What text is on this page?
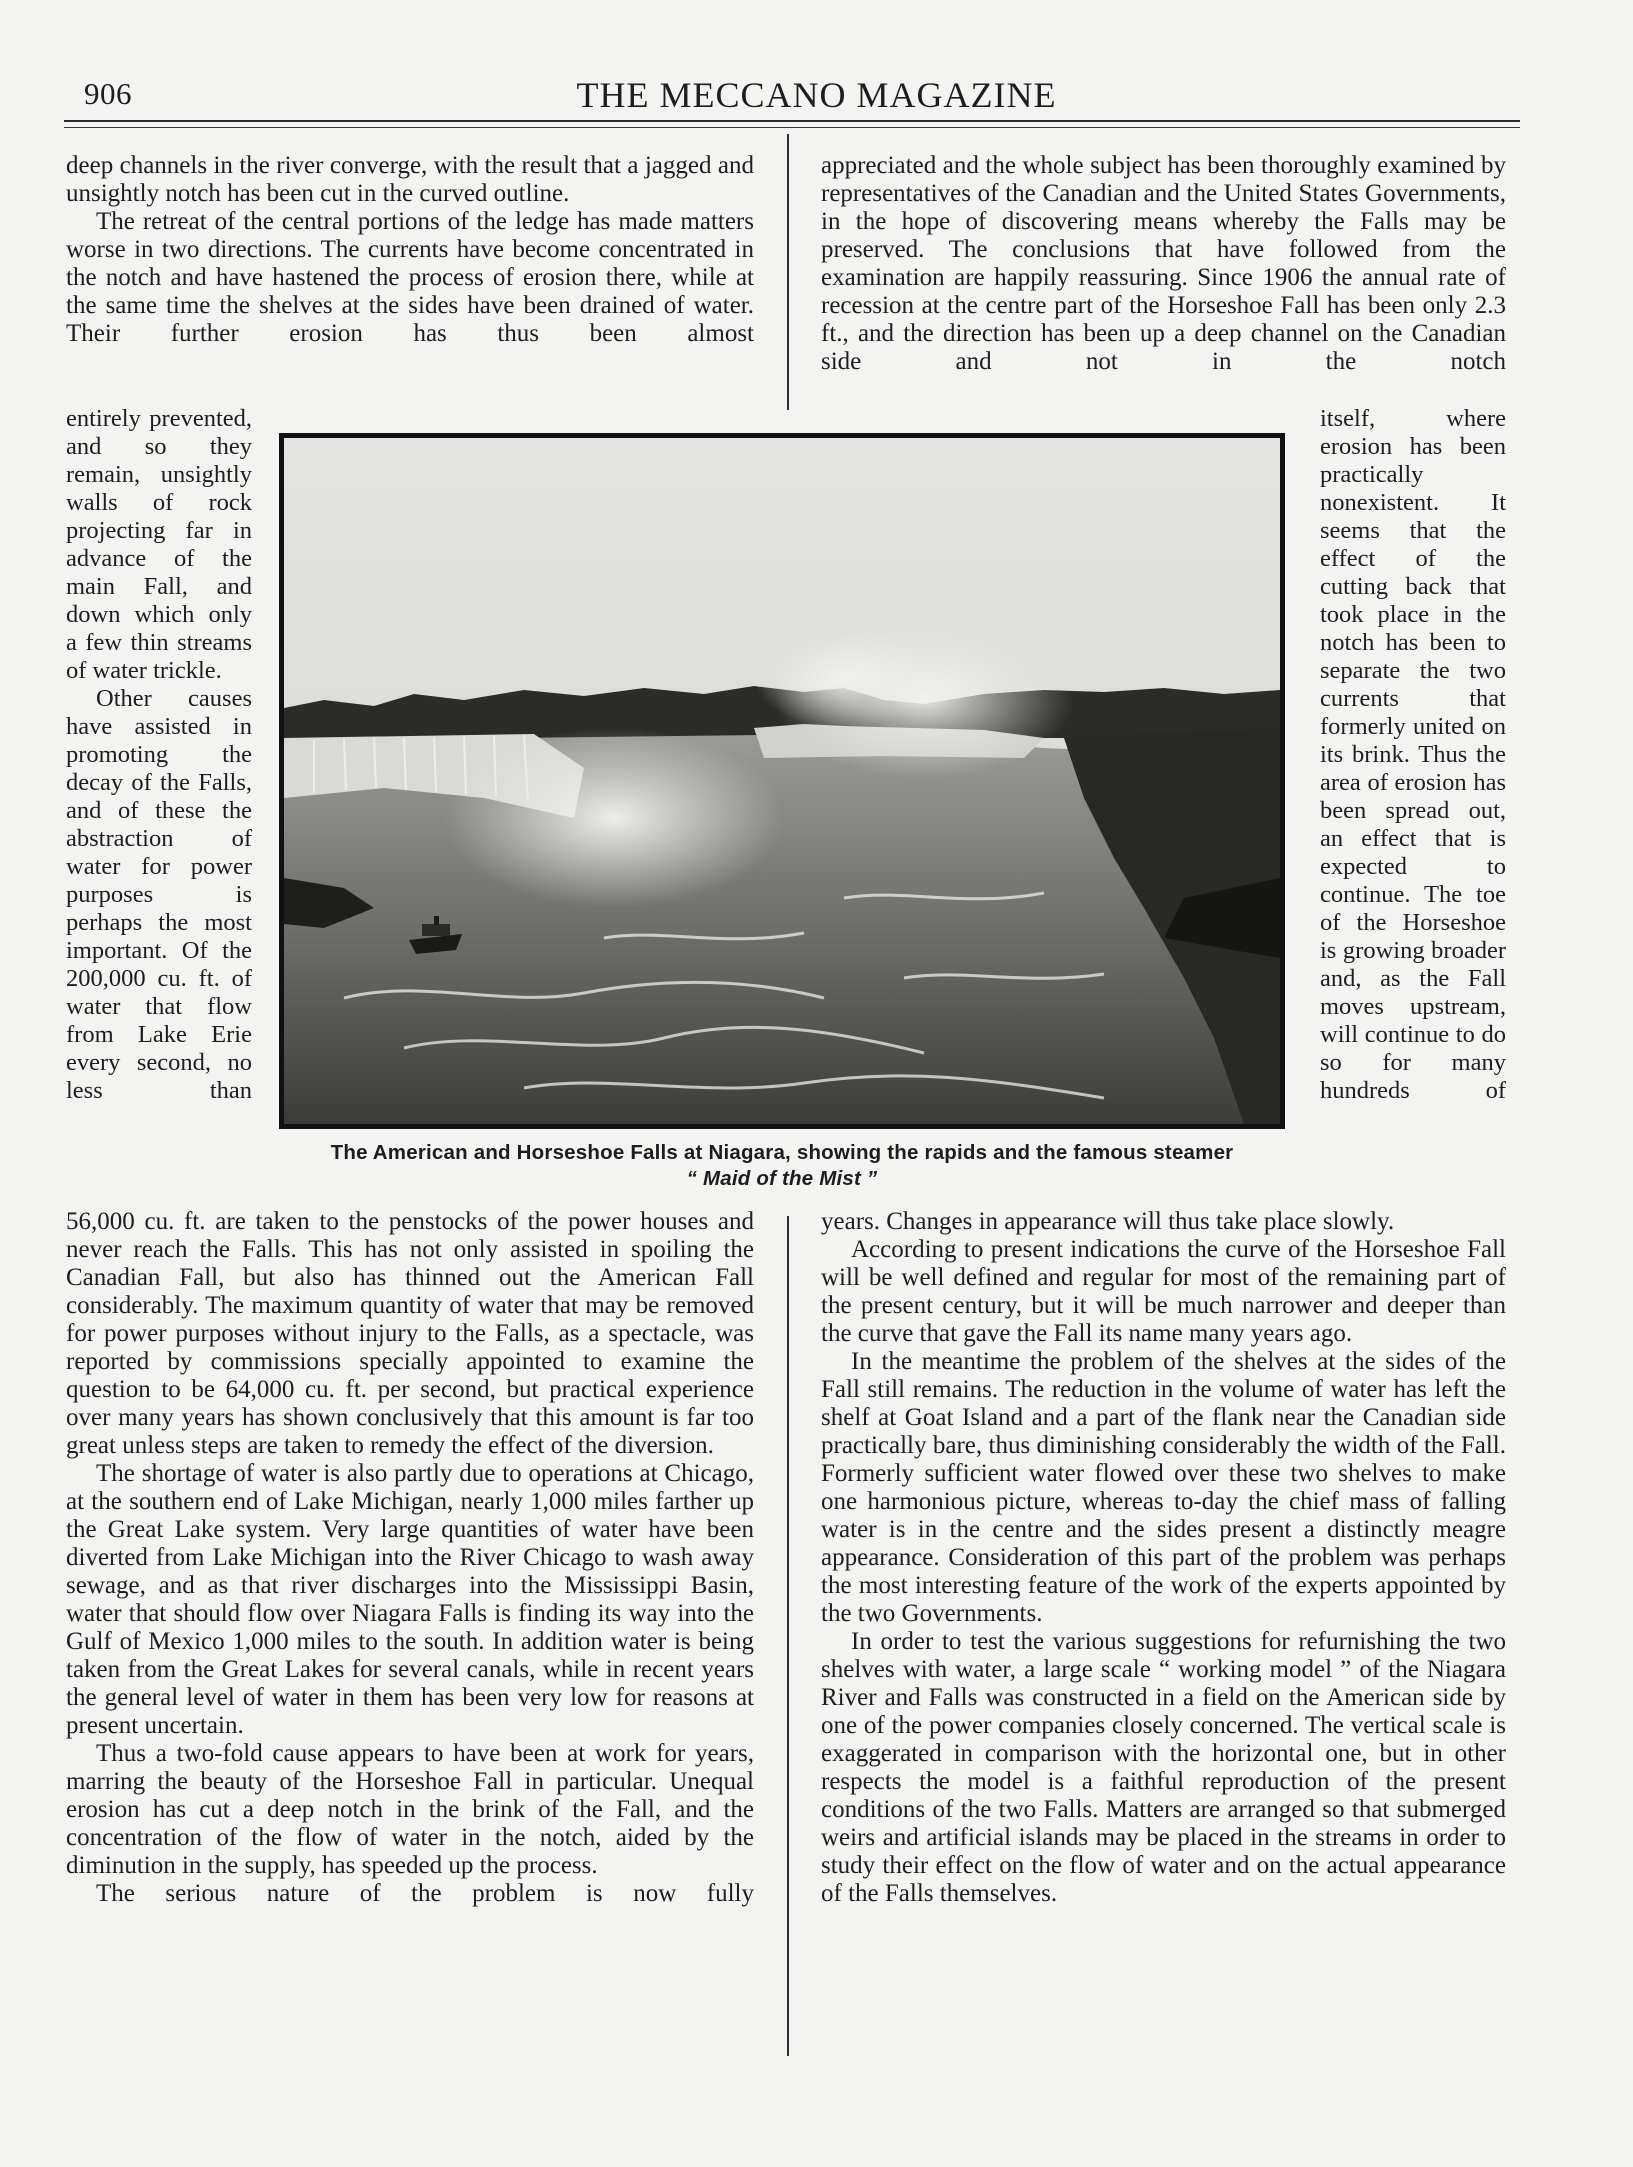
906	THE MECCANO MAGAZINE

deep channels in the river converge, with the result that a jagged and unsightly notch has been cut in the curved outline.

The retreat of the central portions of the ledge has made matters worse in two directions. The currents have become concentrated in the notch and have hastened the process of erosion there, while at the same time the shelves at the sides have been drained of water. Their further erosion has thus been almost

entirely prevented, and so they remain, unsightly walls of rock projecting far in advance of the main Fall, and down which only a few thin streams of water trickle.

Other causes have assisted in promoting the decay of the Falls, and of these the abstraction of water for power purposes is perhaps the most important. Of the 200,000 cu. ft. of water that flow from Lake Erie every second, no less than

56,000 cu. ft. are taken to the penstocks of the power houses and never reach the Falls. This has not only assisted in spoiling the Canadian Fall, but also has thinned out the American Fall considerably. The maximum quantity of water that may be removed for power purposes without injury to the Falls, as a spectacle, was reported by commissions specially appointed to examine the question to be 64,000 cu. ft. per second, but practical experience over many years has shown conclusively that this amount is far too great unless steps are taken to remedy the effect of the diversion.

The shortage of water is also partly due to operations at Chicago, at the southern end of Lake Michigan, nearly 1,000 miles farther up the Great Lake system. Very large quantities of water have been diverted from Lake Michigan into the River Chicago to wash away sewage, and as that river discharges into the Mississippi Basin, water that should flow over Niagara Falls is finding its way into the Gulf of Mexico 1,000 miles to the south. In addition water is being taken from the Great Lakes for several canals, while in recent years the general level of water in them has been very low for reasons at present uncertain.

Thus a two-fold cause appears to have been at work for years, marring the beauty of the Horseshoe Fall in particular. Unequal erosion has cut a deep notch in the brink of the Fall, and the concentration of the flow of water in the notch, aided by the diminution in the supply, has speeded up the process.

The serious nature of the problem is now fully

appreciated and the whole subject has been thoroughly examined by representatives of the Canadian and the United States Governments, in the hope of discovering means whereby the Falls may be preserved. The conclusions that have followed from the examination are happily reassuring. Since 1906 the annual rate of recession at the centre part of the Horseshoe Fall has been only 2.3 ft., and the direction has been up a deep channel on the Canadian side and not in the notch

itself, where erosion has been practically nonexistent. It seems that the effect of the cutting back that took place in the notch has been to separate the two currents that formerly united on its brink. Thus the area of erosion has been spread out, an effect that is expected to continue. The toe of the Horseshoe is growing broader and, as the Fall moves upstream, will continue to do so for many hundreds of

years. Changes in appearance will thus take place slowly.

According to present indications the curve of the Horseshoe Fall will be well defined and regular for most of the remaining part of the present century, but it will be much narrower and deeper than the curve that gave the Fall its name many years ago.

In the meantime the problem of the shelves at the sides of the Fall still remains. The reduction in the volume of water has left the shelf at Goat Island and a part of the flank near the Canadian side practically bare, thus diminishing considerably the width of the Fall. Formerly sufficient water flowed over these two shelves to make one harmonious picture, whereas to-day the chief mass of falling water is in the centre and the sides present a distinctly meagre appearance. Consideration of this part of the problem was perhaps the most interesting feature of the work of the experts appointed by the two Governments.

In order to test the various suggestions for refurnishing the two shelves with water, a large scale “ working model ” of the Niagara River and Falls was constructed in a field on the American side by one of the power companies closely concerned. The vertical scale is exaggerated in comparison with the horizontal one, but in other respects the model is a faithful reproduction of the present conditions of the two Falls. Matters are arranged so that submerged weirs and artificial islands may be placed in the streams in order to study their effect on the flow of water and on the actual appearance of the Falls themselves.

The American and Horseshoe Falls at Niagara, showing the rapids and the famous steamer
“ Maid of the Mist ”
